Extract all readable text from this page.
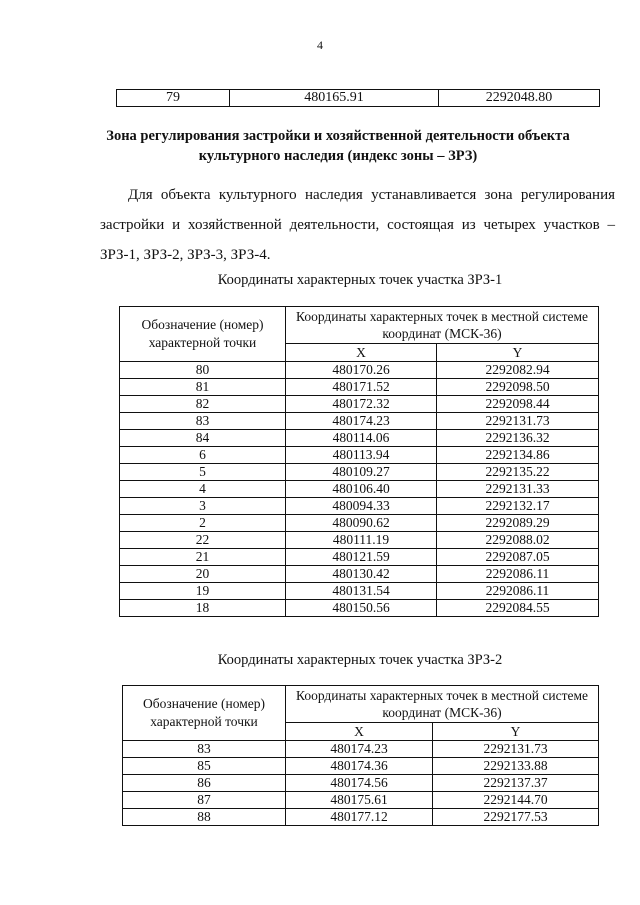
4
79	480165.91	2292048.80
Зона регулирования застройки и хозяйственной деятельности объекта культурного наследия (индекс зоны – ЗРЗ)
Для объекта культурного наследия устанавливается зона регулирования застройки и хозяйственной деятельности, состоящая из четырех участков – ЗРЗ-1, ЗРЗ-2, ЗРЗ-3, ЗРЗ-4.
Координаты характерных точек участка ЗРЗ-1
Обозначение (номер) характерной точки	Координаты характерных точек в местной системе координат (МСК-36)	
	X	Y
80	480170.26	2292082.94
81	480171.52	2292098.50
82	480172.32	2292098.44
83	480174.23	2292131.73
84	480114.06	2292136.32
6	480113.94	2292134.86
5	480109.27	2292135.22
4	480106.40	2292131.33
3	480094.33	2292132.17
2	480090.62	2292089.29
22	480111.19	2292088.02
21	480121.59	2292087.05
20	480130.42	2292086.11
19	480131.54	2292086.11
18	480150.56	2292084.55
Координаты характерных точек участка ЗРЗ-2
Обозначение (номер) характерной точки	Координаты характерных точек в местной системе координат (МСК-36)	
	X	Y
83	480174.23	2292131.73
85	480174.36	2292133.88
86	480174.56	2292137.37
87	480175.61	2292144.70
88	480177.12	2292177.53
